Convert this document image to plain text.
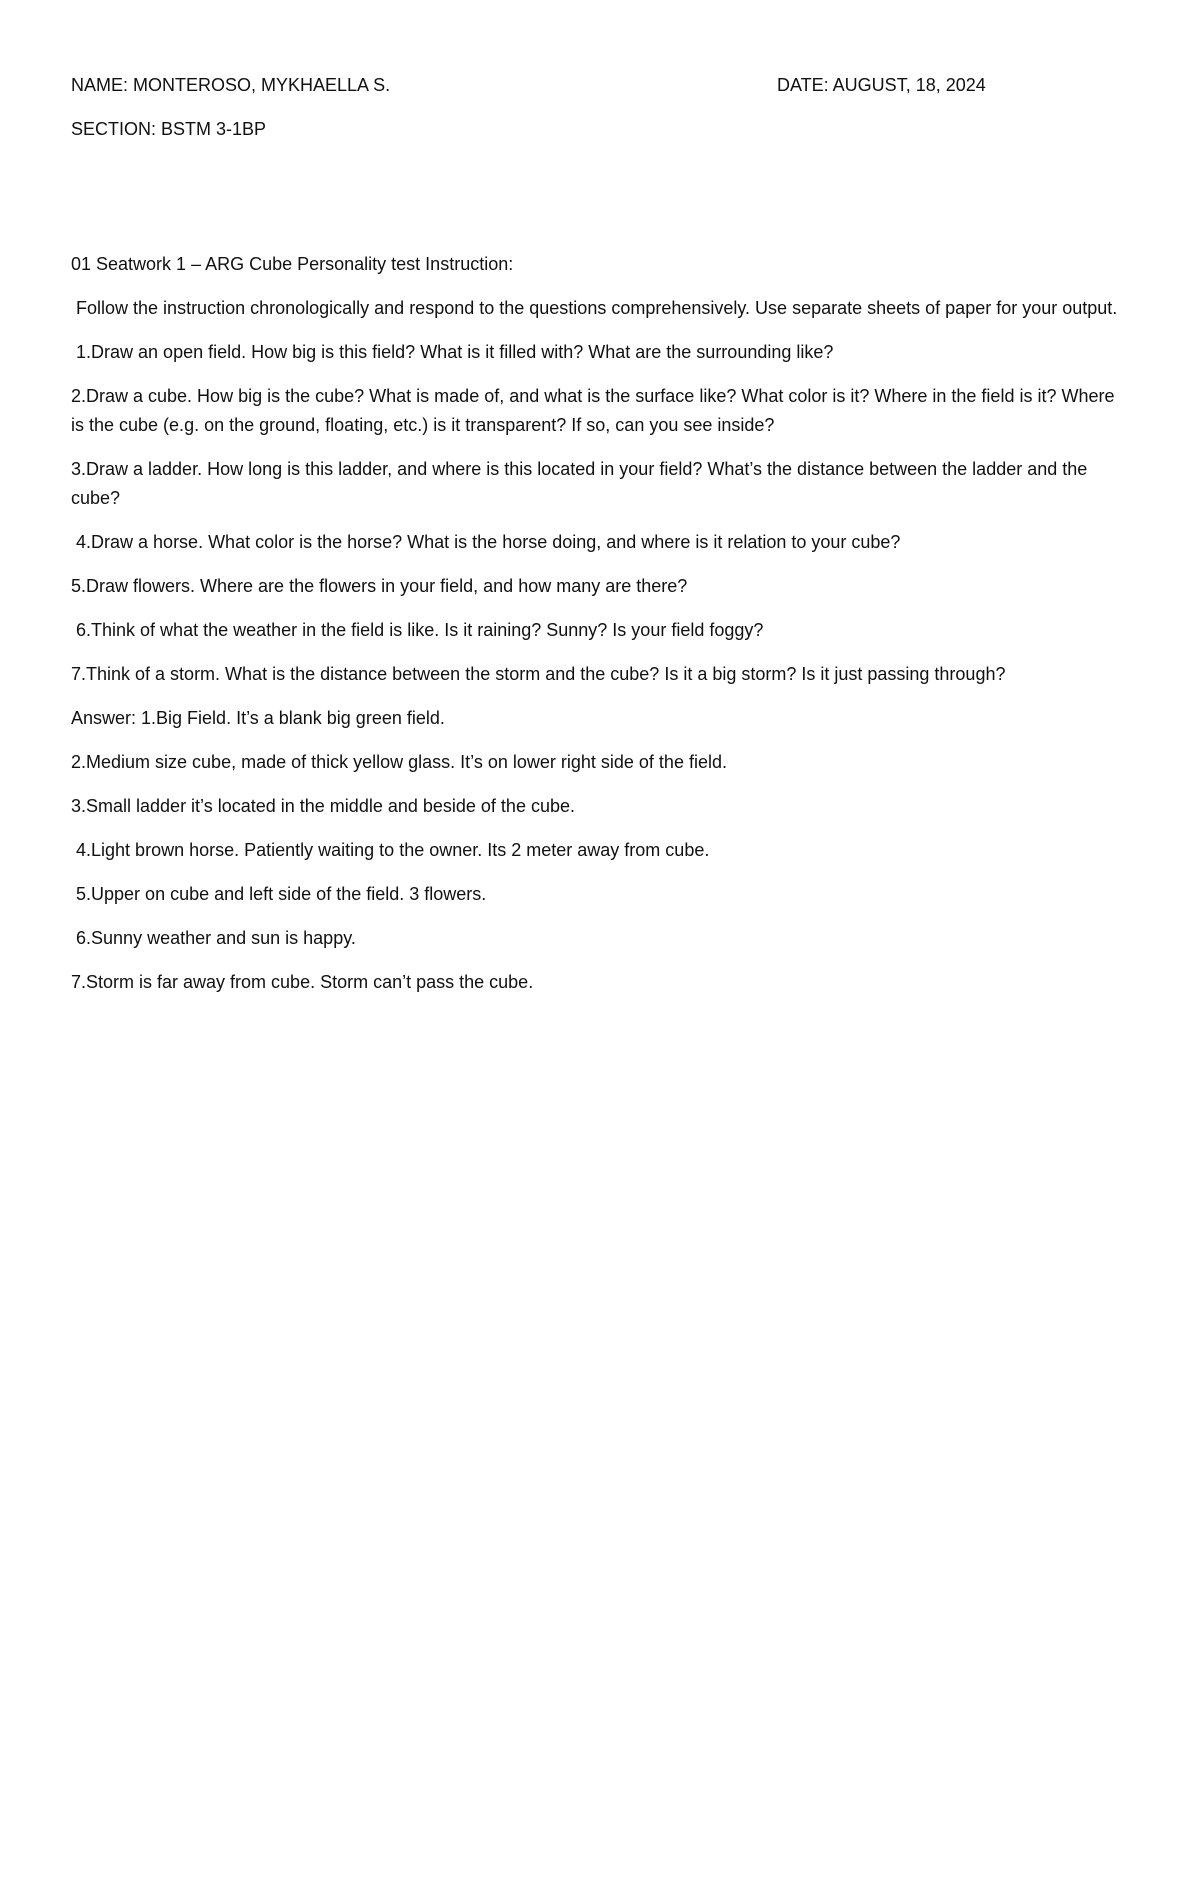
NAME: MONTEROSO, MYKHAELLA S.	DATE: AUGUST, 18, 2024
SECTION: BSTM 3-1BP

01 Seatwork 1 – ARG Cube Personality test Instruction:

Follow the instruction chronologically and respond to the questions comprehensively. Use separate sheets of paper for your output.

1.Draw an open field. How big is this field? What is it filled with? What are the surrounding like?

2.Draw a cube. How big is the cube? What is made of, and what is the surface like? What color is it? Where in the field is it? Where is the cube (e.g. on the ground, floating, etc.) is it transparent? If so, can you see inside?

3.Draw a ladder. How long is this ladder, and where is this located in your field? What’s the distance between the ladder and the cube?

4.Draw a horse. What color is the horse? What is the horse doing, and where is it relation to your cube?

5.Draw flowers. Where are the flowers in your field, and how many are there?

6.Think of what the weather in the field is like. Is it raining? Sunny? Is your field foggy?

7.Think of a storm. What is the distance between the storm and the cube? Is it a big storm? Is it just passing through?

Answer: 1.Big Field. It’s a blank big green field.

2.Medium size cube, made of thick yellow glass. It’s on lower right side of the field.

3.Small ladder it’s located in the middle and beside of the cube.

4.Light brown horse. Patiently waiting to the owner. Its 2 meter away from cube.

5.Upper on cube and left side of the field. 3 flowers.

6.Sunny weather and sun is happy.

7.Storm is far away from cube. Storm can’t pass the cube.
